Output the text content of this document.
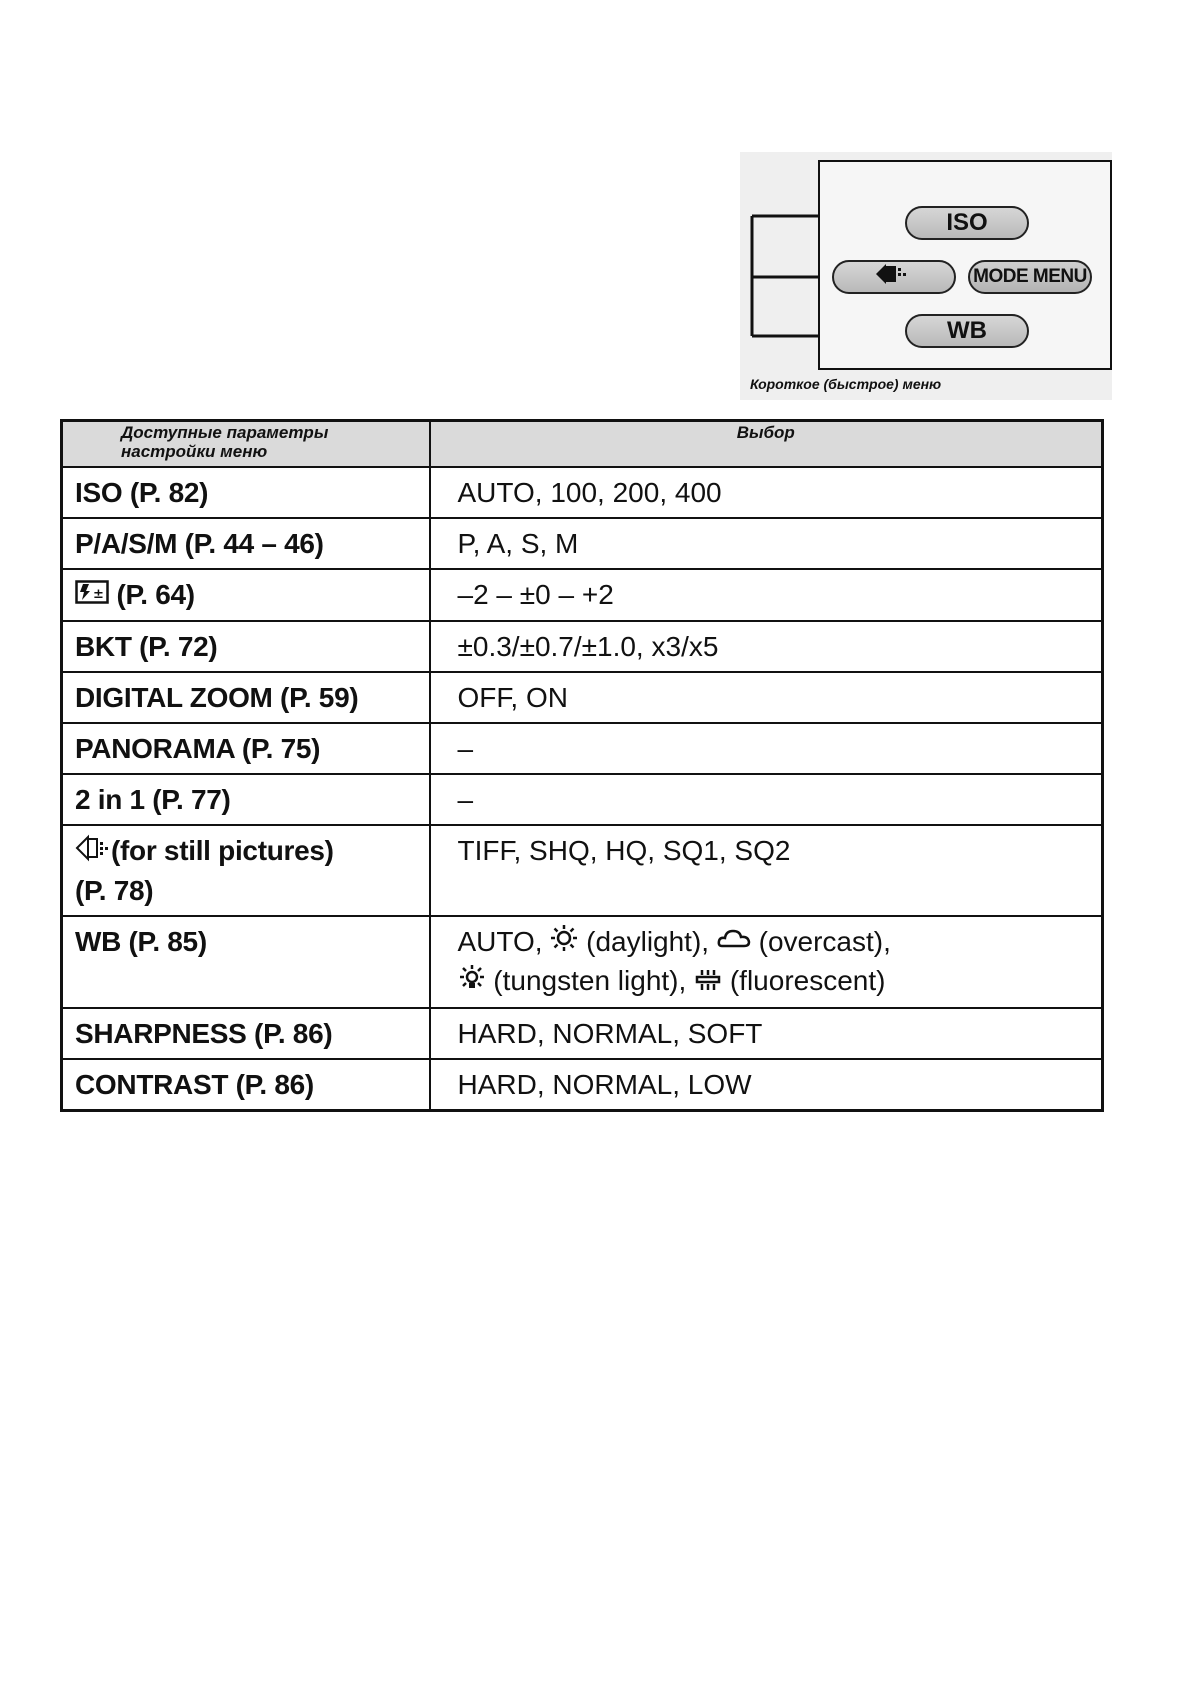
ISO
MODE MENU
WB
Короткое (быстрое) меню
Доступные параметры настройки меню	Выбор
ISO (P. 82)	AUTO, 100, 200, 400
P/A/S/M (P. 44 – 46)	P, A, S, M

± (P. 64)	–2 – ±0 – +2
BKT (P. 72)	±0.3/±0.7/±1.0, x3/x5
DIGITAL ZOOM (P. 59)	OFF, ON
PANORAMA (P. 75)	–
2 in 1 (P. 77)	–
(for still pictures)
(P. 78)	TIFF, SHQ, HQ, SQ1, SQ2
WB (P. 85)	AUTO, (daylight), (overcast),
(tungsten light), (fluorescent)
SHARPNESS (P. 86)	HARD, NORMAL, SOFT
CONTRAST (P. 86)	HARD, NORMAL, LOW
